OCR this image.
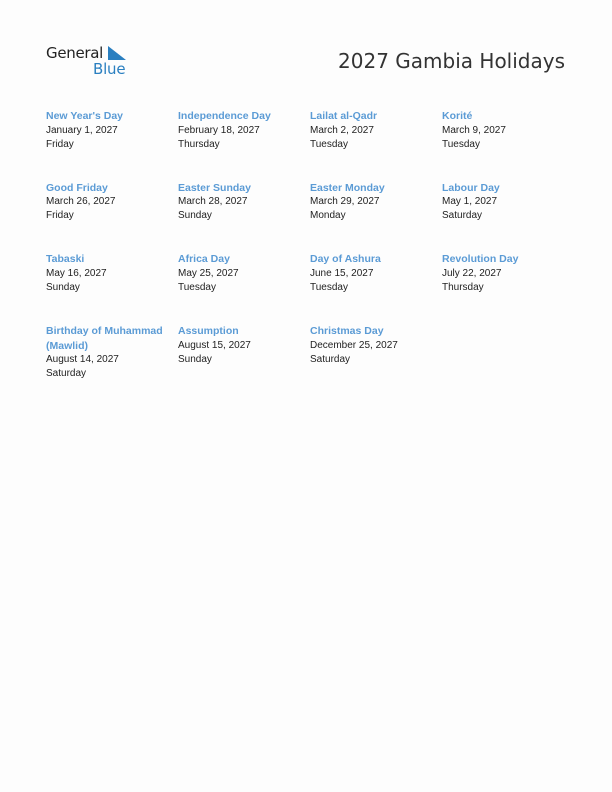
General
Blue	2027 Gambia Holidays
New Year's Day
January 1, 2027
Friday
Independence Day
February 18, 2027
Thursday
Lailat al-Qadr
March 2, 2027
Tuesday
Korité
March 9, 2027
Tuesday
Good Friday
March 26, 2027
Friday
Easter Sunday
March 28, 2027
Sunday
Easter Monday
March 29, 2027
Monday
Labour Day
May 1, 2027
Saturday
Tabaski
May 16, 2027
Sunday
Africa Day
May 25, 2027
Tuesday
Day of Ashura
June 15, 2027
Tuesday
Revolution Day
July 22, 2027
Thursday
Birthday of Muhammad (Mawlid)
August 14, 2027
Saturday
Assumption
August 15, 2027
Sunday
Christmas Day
December 25, 2027
Saturday
